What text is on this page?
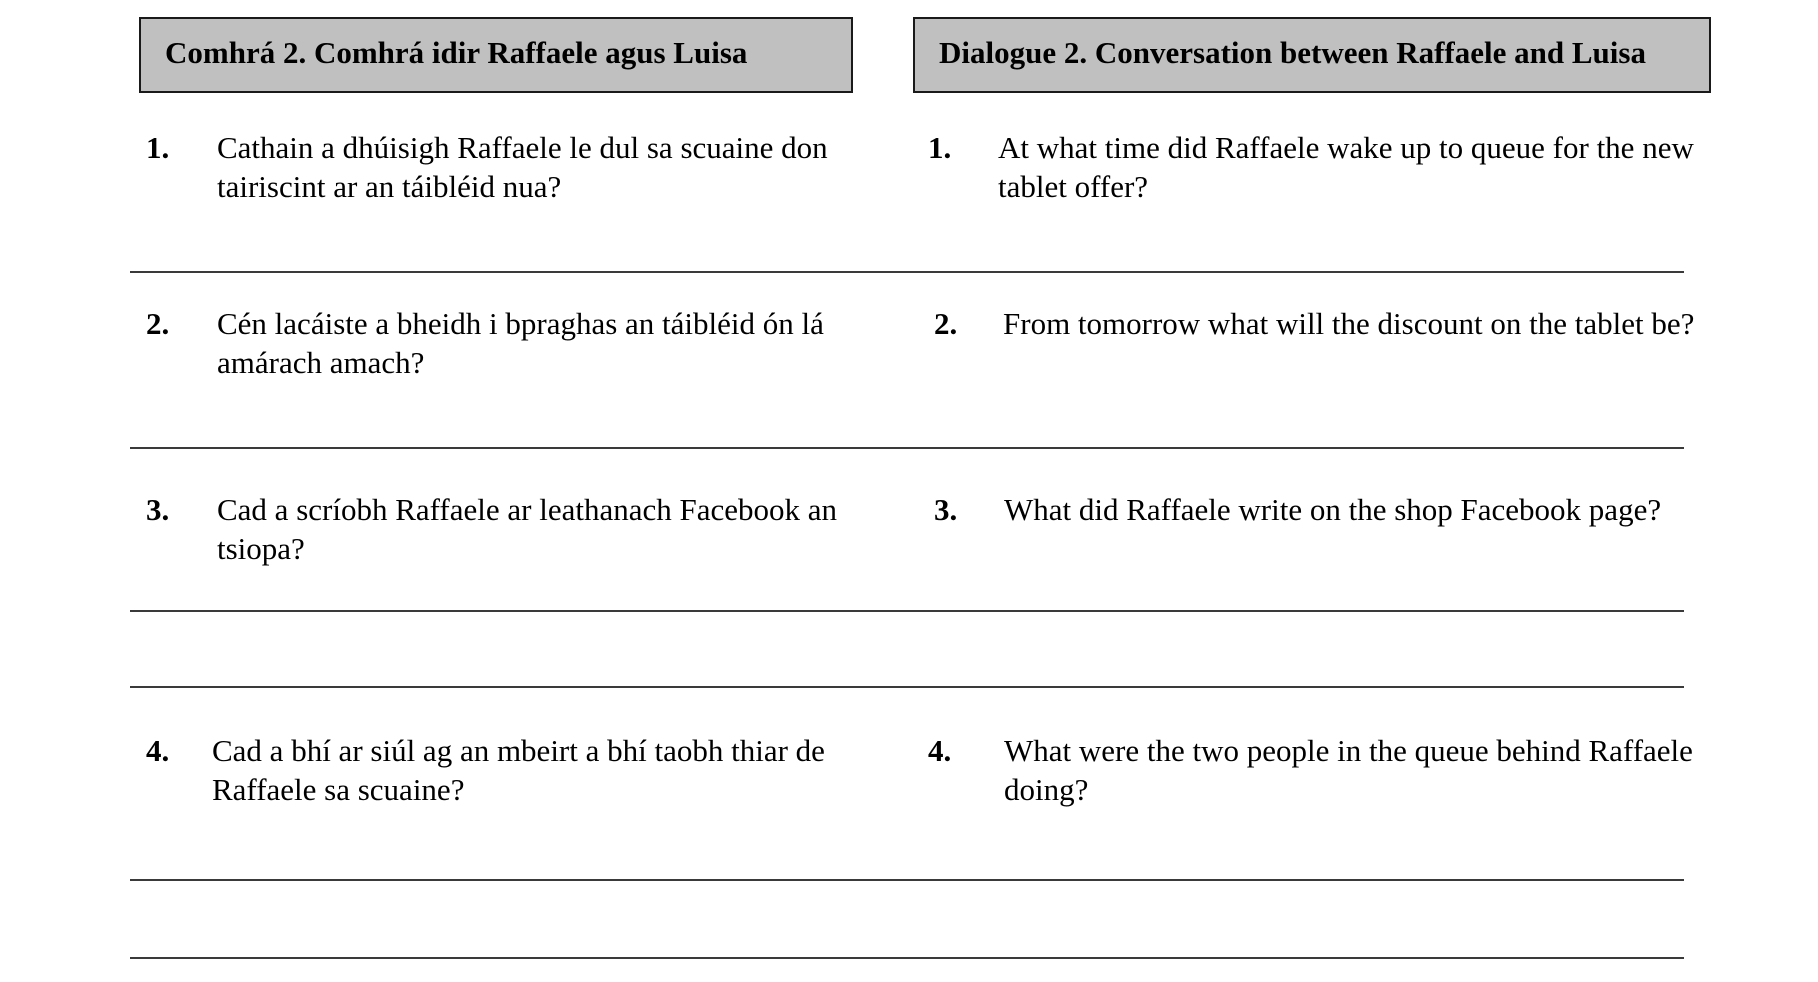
Comhrá 2. Comhrá idir Raffaele agus Luisa	Dialogue 2. Conversation between Raffaele and Luisa
1. Cathain a dhúisigh Raffaele le dul sa scuaine don tairiscint ar an táibléid nua?
1. At what time did Raffaele wake up to queue for the new tablet offer?
2. Cén lacáiste a bheidh i bpraghas an táibléid ón lá amárach amach?
2. From tomorrow what will the discount on the tablet be?
3. Cad a scríobh Raffaele ar leathanach Facebook an tsiopa?
3. What did Raffaele write on the shop Facebook page?
4. Cad a bhí ar siúl ag an mbeirt a bhí taobh thiar de Raffaele sa scuaine?
4. What were the two people in the queue behind Raffaele doing?
